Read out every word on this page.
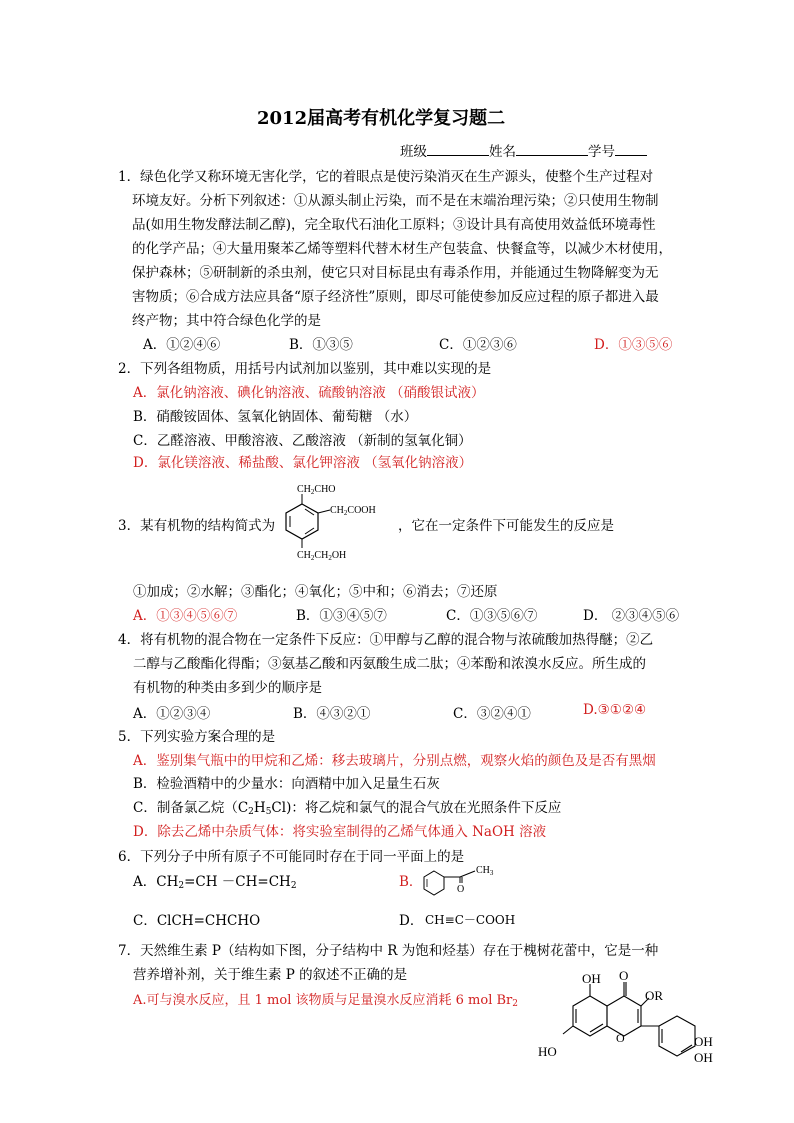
2012届高考有机化学复习题二
班级	姓名	学号
1．绿色化学又称环境无害化学，它的着眼点是使污染消灭在生产源头，使整个生产过程对
环境友好。分析下列叙述：①从源头制止污染，而不是在末端治理污染；②只使用生物制
品(如用生物发酵法制乙醇)，完全取代石油化工原料；③设计具有高使用效益低环境毒性
的化学产品；④大量用聚苯乙烯等塑料代替木材生产包装盒、快餐盒等，以减少木材使用，
保护森林；⑤研制新的杀虫剂，使它只对目标昆虫有毒杀作用，并能通过生物降解变为无
害物质；⑥合成方法应具备“原子经济性”原则，即尽可能使参加反应过程的原子都进入最
终产物；其中符合绿色化学的是
A．①②④⑥	B．①③⑤	C．①②③⑥	D．①③⑤⑥
2．下列各组物质，用括号内试剂加以鉴别，其中难以实现的是
A．氯化钠溶液、碘化钠溶液、硫酸钠溶液 （硝酸银试液）
B．硝酸铵固体、氢氧化钠固体、葡萄糖 （水）
C．乙醛溶液、甲酸溶液、乙酸溶液 （新制的氢氧化铜）
D．氯化镁溶液、稀盐酸、氯化钾溶液 （氢氧化钠溶液）
3．某有机物的结构简式为
$CH_2CHO$
$CH_2COOH$
$CH_2CH_2OH$
，它在一定条件下可能发生的反应是
①加成；②水解；③酯化；④氧化；⑤中和；⑥消去；⑦还原
A．①③④⑤⑥⑦	B．①③④⑤⑦	C．①③⑤⑥⑦	D． ②③④⑤⑥
4．将有机物的混合物在一定条件下反应：①甲醇与乙醇的混合物与浓硫酸加热得醚；②乙
二醇与乙酸酯化得酯；③氨基乙酸和丙氨酸生成二肽；④苯酚和浓溴水反应。所生成的
有机物的种类由多到少的顺序是
A．①②③④	B．④③②①	C．③②④①	D.③①②④
5．下列实验方案合理的是
A．鉴别集气瓶中的甲烷和乙烯：移去玻璃片，分别点燃，观察火焰的颜色及是否有黑烟
B．检验酒精中的少量水：向酒精中加入足量生石灰
C．制备氯乙烷$(C_2H_5Cl)$：将乙烷和氯气的混合气放在光照条件下反应
D．除去乙烯中杂质气体：将实验室制得的乙烯气体通入 NaOH 溶液
6．下列分子中所有原子不可能同时存在于同一平面上的是
A．$CH_2=CH -CH=CH_2$	B．	O
$CH_3$
C．ClCH=CHCHO	D． CH≡C－COOH
7．天然维生素 P（结构如下图，分子结构中 R 为饱和烃基）存在于槐树花蕾中，它是一种
营养增补剂，关于维生素 P 的叙述不正确的是
A.可与溴水反应，且 1 mol 该物质与足量溴水反应消耗 6 mol $Br_2$
OH O
OR
HO
O	OH
OH
